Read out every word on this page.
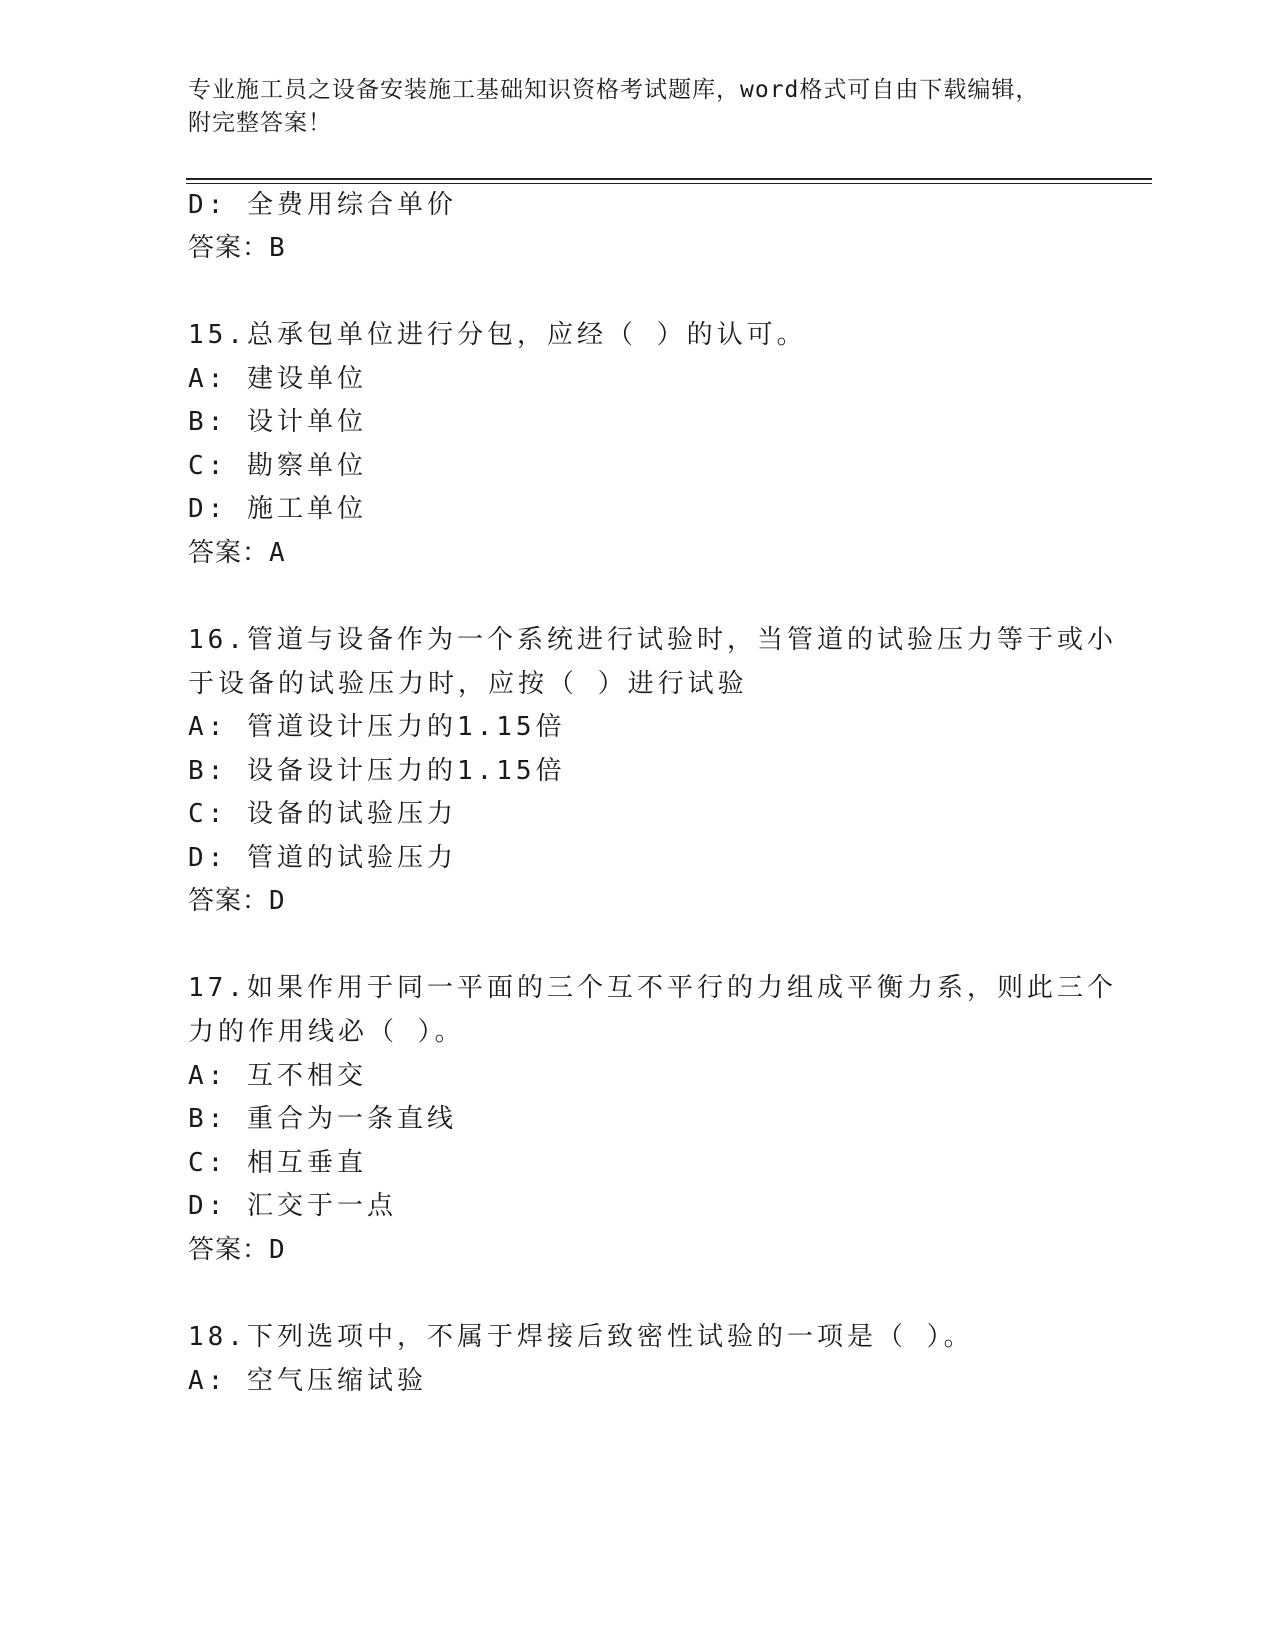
专业施工员之设备安装施工基础知识资格考试题库，word格式可自由下载编辑，
附完整答案！
D: 全费用综合单价
答案：B
15.总承包单位进行分包，应经（ ）的认可。
A: 建设单位
B: 设计单位
C: 勘察单位
D: 施工单位
答案：A
16.管道与设备作为一个系统进行试验时，当管道的试验压力等于或小
于设备的试验压力时，应按（ ）进行试验
A: 管道设计压力的1.15倍
B: 设备设计压力的1.15倍
C: 设备的试验压力
D: 管道的试验压力
答案：D
17.如果作用于同一平面的三个互不平行的力组成平衡力系，则此三个
力的作用线必（ ）。
A: 互不相交
B: 重合为一条直线
C: 相互垂直
D: 汇交于一点
答案：D
18.下列选项中，不属于焊接后致密性试验的一项是（ ）。
A: 空气压缩试验
